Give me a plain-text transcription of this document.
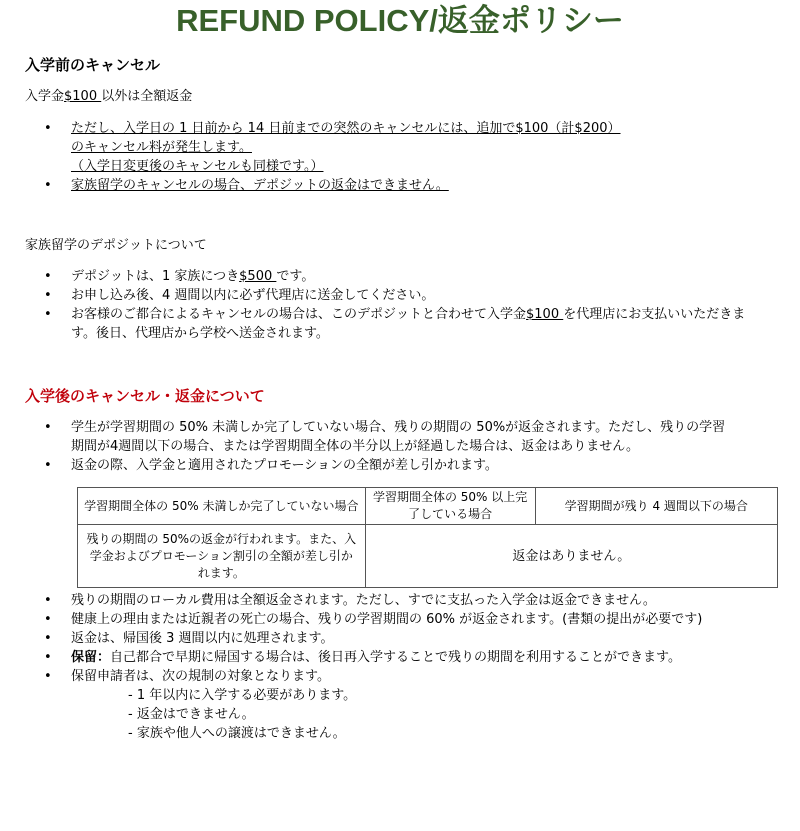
REFUND POLICY/返金ポリシー
入学前のキャンセル

入学金$100 以外は全額返金

• ただし、入学日の 1 日前から 14 日前までの突然のキャンセルには、追加で$100（計$200）
のキャンセル料が発生します。
（入学日変更後のキャンセルも同様です。）
• 家族留学のキャンセルの場合、デポジットの返金はできません。

家族留学のデポジットについて

• デポジットは、1 家族につき$500 です。
• お申し込み後、4 週間以内に必ず代理店に送金してください。
• お客様のご都合によるキャンセルの場合は、このデポジットと合わせて入学金$100 を代理店にお支払いいただきま
す。後日、代理店から学校へ送金されます。
入学後のキャンセル・返金について
• 学生が学習期間の 50% 未満しか完了していない場合、残りの期間の 50%が返金されます。ただし、残りの学習
期間が4週間以下の場合、または学習期間全体の半分以上が経過した場合は、返金はありません。
• 返金の際、入学金と適用されたプロモーションの全額が差し引かれます。
学習期間全体の 50% 未満しか完了していない場合	学習期間全体の 50% 以上完了している場合	学習期間が残り 4 週間以下の場合
残りの期間の 50%の返金が行われます。また、入学金およびプロモーション割引の全額が差し引かれます。	返金はありません。	
• 残りの期間のローカル費用は全額返金されます。ただし、すでに支払った入学金は返金できません。
• 健康上の理由または近親者の死亡の場合、残りの学習期間の 60% が返金されます。(書類の提出が必要です)
• 返金は、帰国後 3 週間以内に処理されます。
• 保留：自己都合で早期に帰国する場合は、後日再入学することで残りの期間を利用することができます。
• 保留申請者は、次の規制の対象となります。
- 1 年以内に入学する必要があります。
- 返金はできません。
- 家族や他人への譲渡はできません。
